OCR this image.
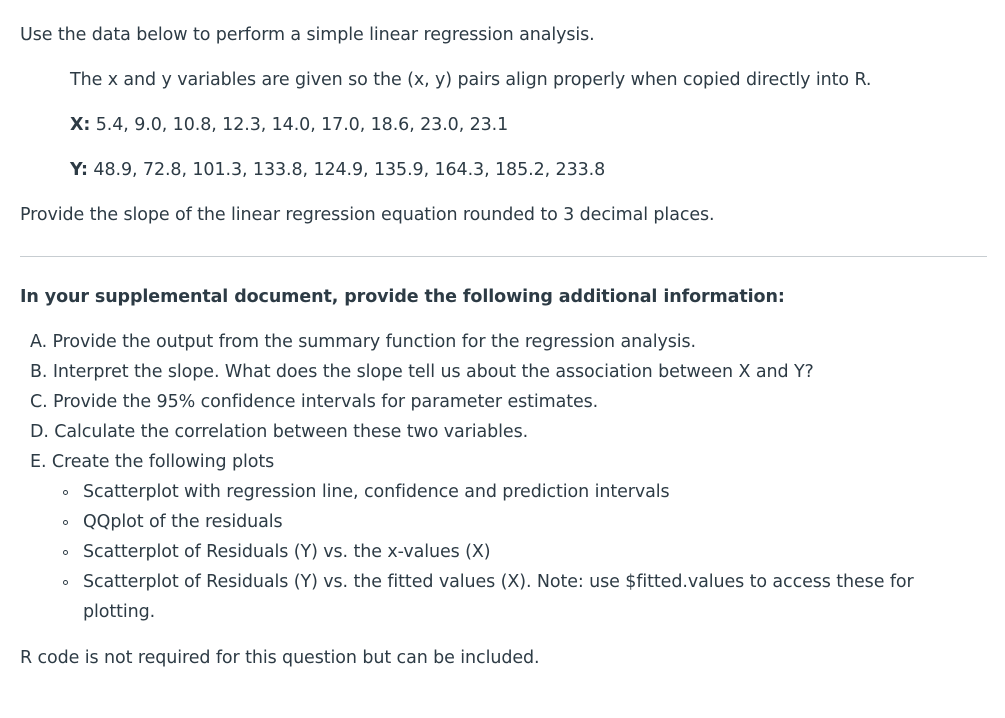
Use the data below to perform a simple linear regression analysis.
The x and y variables are given so the (x, y) pairs align properly when copied directly into R.
X: 5.4, 9.0, 10.8, 12.3, 14.0, 17.0, 18.6, 23.0, 23.1
Y: 48.9, 72.8, 101.3, 133.8, 124.9, 135.9, 164.3, 185.2, 233.8
Provide the slope of the linear regression equation rounded to 3 decimal places.
In your supplemental document, provide the following additional information:
A. Provide the output from the summary function for the regression analysis.
B. Interpret the slope. What does the slope tell us about the association between X and Y?
C. Provide the 95% confidence intervals for parameter estimates.
D. Calculate the correlation between these two variables.
E. Create the following plots
Scatterplot with regression line, confidence and prediction intervals
QQplot of the residuals
Scatterplot of Residuals (Y) vs. the x-values (X)
Scatterplot of Residuals (Y) vs. the fitted values (X). Note: use $fitted.values to access these for
plotting.
R code is not required for this question but can be included.
